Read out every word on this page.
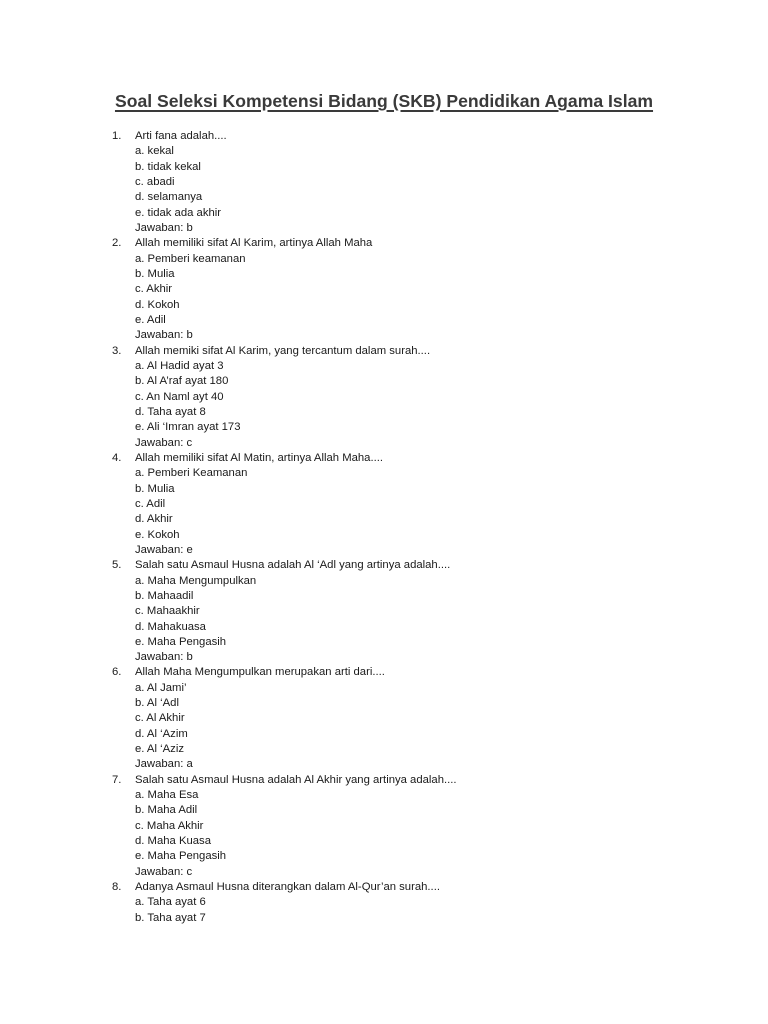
Soal Seleksi Kompetensi Bidang (SKB) Pendidikan Agama Islam
1. Arti fana adalah....
a. kekal
b. tidak kekal
c. abadi
d. selamanya
e. tidak ada akhir
Jawaban: b
2. Allah memiliki sifat Al Karim, artinya Allah Maha
a. Pemberi keamanan
b. Mulia
c. Akhir
d. Kokoh
e. Adil
Jawaban: b
3. Allah memiki sifat Al Karim, yang tercantum dalam surah....
a. Al Hadid ayat 3
b. Al A’raf ayat 180
c. An Naml ayt 40
d. Taha ayat 8
e. Ali ‘Imran ayat 173
Jawaban: c
4. Allah memiliki sifat Al Matin, artinya Allah Maha....
a. Pemberi Keamanan
b. Mulia
c. Adil
d. Akhir
e. Kokoh
Jawaban: e
5. Salah satu Asmaul Husna adalah Al ‘Adl yang artinya adalah....
a. Maha Mengumpulkan
b. Mahaadil
c. Mahaakhir
d. Mahakuasa
e. Maha Pengasih
Jawaban: b
6. Allah Maha Mengumpulkan merupakan arti dari....
a. Al Jami’
b. Al ‘Adl
c. Al Akhir
d. Al ‘Azim
e. Al ‘Aziz
Jawaban: a
7. Salah satu Asmaul Husna adalah Al Akhir yang artinya adalah....
a. Maha Esa
b. Maha Adil
c. Maha Akhir
d. Maha Kuasa
e. Maha Pengasih
Jawaban: c
8. Adanya Asmaul Husna diterangkan dalam Al-Qur’an surah....
a. Taha ayat 6
b. Taha ayat 7
